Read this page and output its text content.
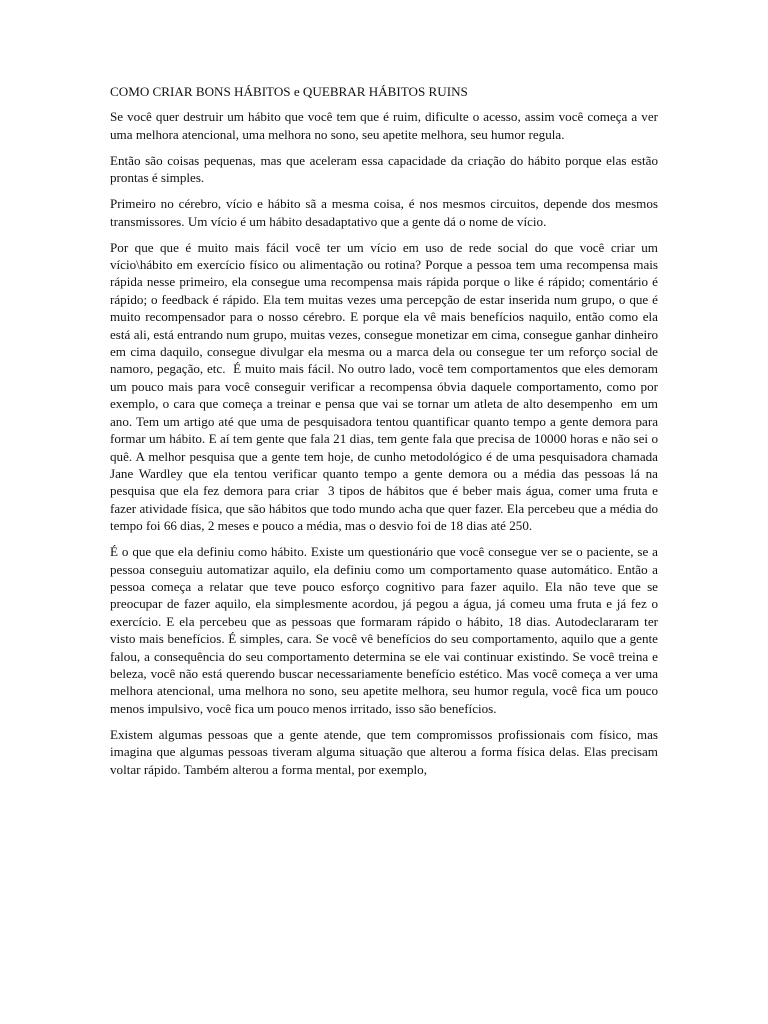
COMO CRIAR BONS HÁBITOS e QUEBRAR HÁBITOS RUINS

Se você quer destruir um hábito que você tem que é ruim, dificulte o acesso, assim você começa a ver uma melhora atencional, uma melhora no sono, seu apetite melhora, seu humor regula.

Então são coisas pequenas, mas que aceleram essa capacidade da criação do hábito porque elas estão prontas é simples.

Primeiro no cérebro, vício e hábito sã a mesma coisa, é nos mesmos circuitos, depende dos mesmos transmissores. Um vício é um hábito desadaptativo que a gente dá o nome de vício.

Por que que é muito mais fácil você ter um vício em uso de rede social do que você criar um vício\hábito em exercício físico ou alimentação ou rotina? Porque a pessoa tem uma recompensa mais rápida nesse primeiro, ela consegue uma recompensa mais rápida porque o like é rápido; comentário é rápido; o feedback é rápido. Ela tem muitas vezes uma percepção de estar inserida num grupo, o que é muito recompensador para o nosso cérebro. E porque ela vê mais benefícios naquilo, então como ela está ali, está entrando num grupo, muitas vezes, consegue monetizar em cima, consegue ganhar dinheiro em cima daquilo, consegue divulgar ela mesma ou a marca dela ou consegue ter um reforço social de namoro, pegação, etc.  É muito mais fácil. No outro lado, você tem comportamentos que eles demoram um pouco mais para você conseguir verificar a recompensa óbvia daquele comportamento, como por exemplo, o cara que começa a treinar e pensa que vai se tornar um atleta de alto desempenho  em um ano. Tem um artigo até que uma de pesquisadora tentou quantificar quanto tempo a gente demora para formar um hábito. E aí tem gente que fala 21 dias, tem gente fala que precisa de 10000 horas e não sei o quê. A melhor pesquisa que a gente tem hoje, de cunho metodológico é de uma pesquisadora chamada Jane Wardley que ela tentou verificar quanto tempo a gente demora ou a média das pessoas lá na pesquisa que ela fez demora para criar  3 tipos de hábitos que é beber mais água, comer uma fruta e fazer atividade física, que são hábitos que todo mundo acha que quer fazer. Ela percebeu que a média do tempo foi 66 dias, 2 meses e pouco a média, mas o desvio foi de 18 dias até 250.

É o que que ela definiu como hábito. Existe um questionário que você consegue ver se o paciente, se a pessoa conseguiu automatizar aquilo, ela definiu como um comportamento quase automático. Então a pessoa começa a relatar que teve pouco esforço cognitivo para fazer aquilo. Ela não teve que se preocupar de fazer aquilo, ela simplesmente acordou, já pegou a água, já comeu uma fruta e já fez o exercício. E ela percebeu que as pessoas que formaram rápido o hábito, 18 dias. Autodeclararam ter visto mais benefícios. É simples, cara. Se você vê benefícios do seu comportamento, aquilo que a gente falou, a consequência do seu comportamento determina se ele vai continuar existindo. Se você treina e beleza, você não está querendo buscar necessariamente benefício estético. Mas você começa a ver uma melhora atencional, uma melhora no sono, seu apetite melhora, seu humor regula, você fica um pouco menos impulsivo, você fica um pouco menos irritado, isso são benefícios.

Existem algumas pessoas que a gente atende, que tem compromissos profissionais com físico, mas imagina que algumas pessoas tiveram alguma situação que alterou a forma física delas. Elas precisam voltar rápido. Também alterou a forma mental, por exemplo,
